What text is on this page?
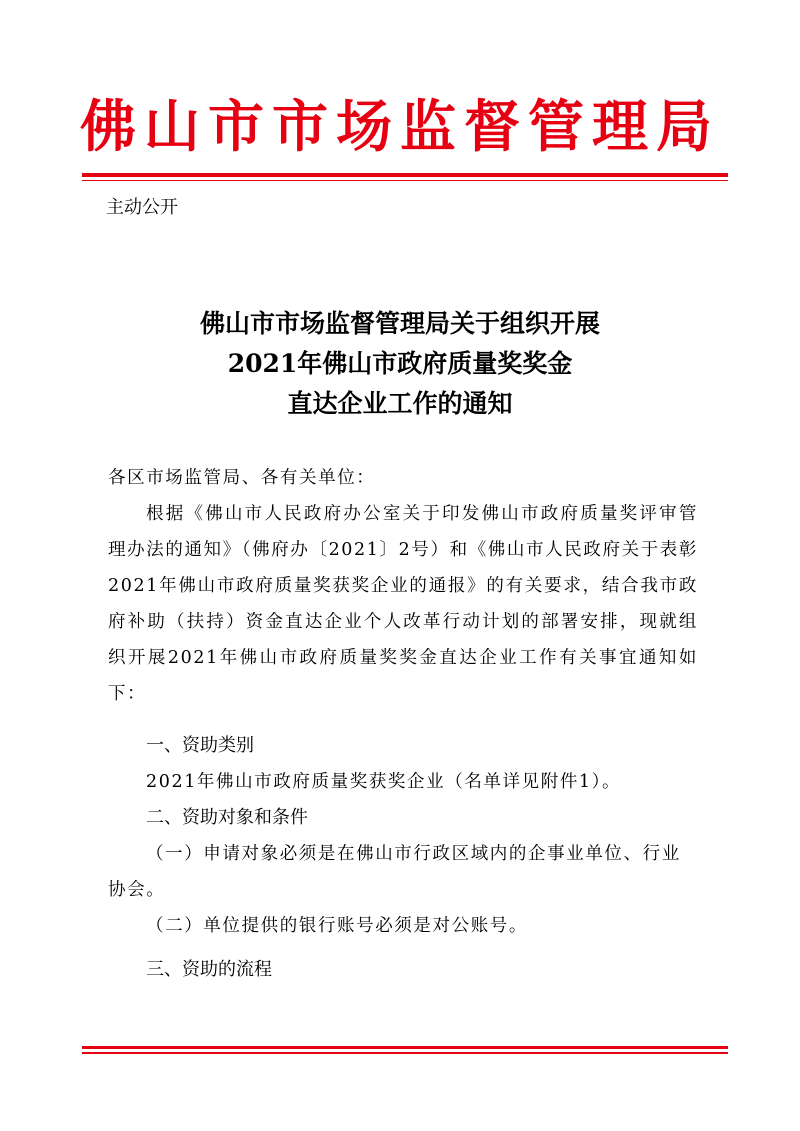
佛山市市场监督管理局
主动公开
佛山市市场监督管理局关于组织开展
2021年佛山市政府质量奖奖金
直达企业工作的通知
各区市场监管局、各有关单位：
根据《佛山市人民政府办公室关于印发佛山市政府质量奖评审管理办法的通知》（佛府办〔2021〕2号）和《佛山市人民政府关于表彰2021年佛山市政府质量奖获奖企业的通报》的有关要求，结合我市政府补助（扶持）资金直达企业个人改革行动计划的部署安排，现就组织开展2021年佛山市政府质量奖奖金直达企业工作有关事宜通知如下：
一、资助类别
2021年佛山市政府质量奖获奖企业（名单详见附件1）。
二、资助对象和条件
（一）申请对象必须是在佛山市行政区域内的企事业单位、行业协会。
（二）单位提供的银行账号必须是对公账号。
三、资助的流程
